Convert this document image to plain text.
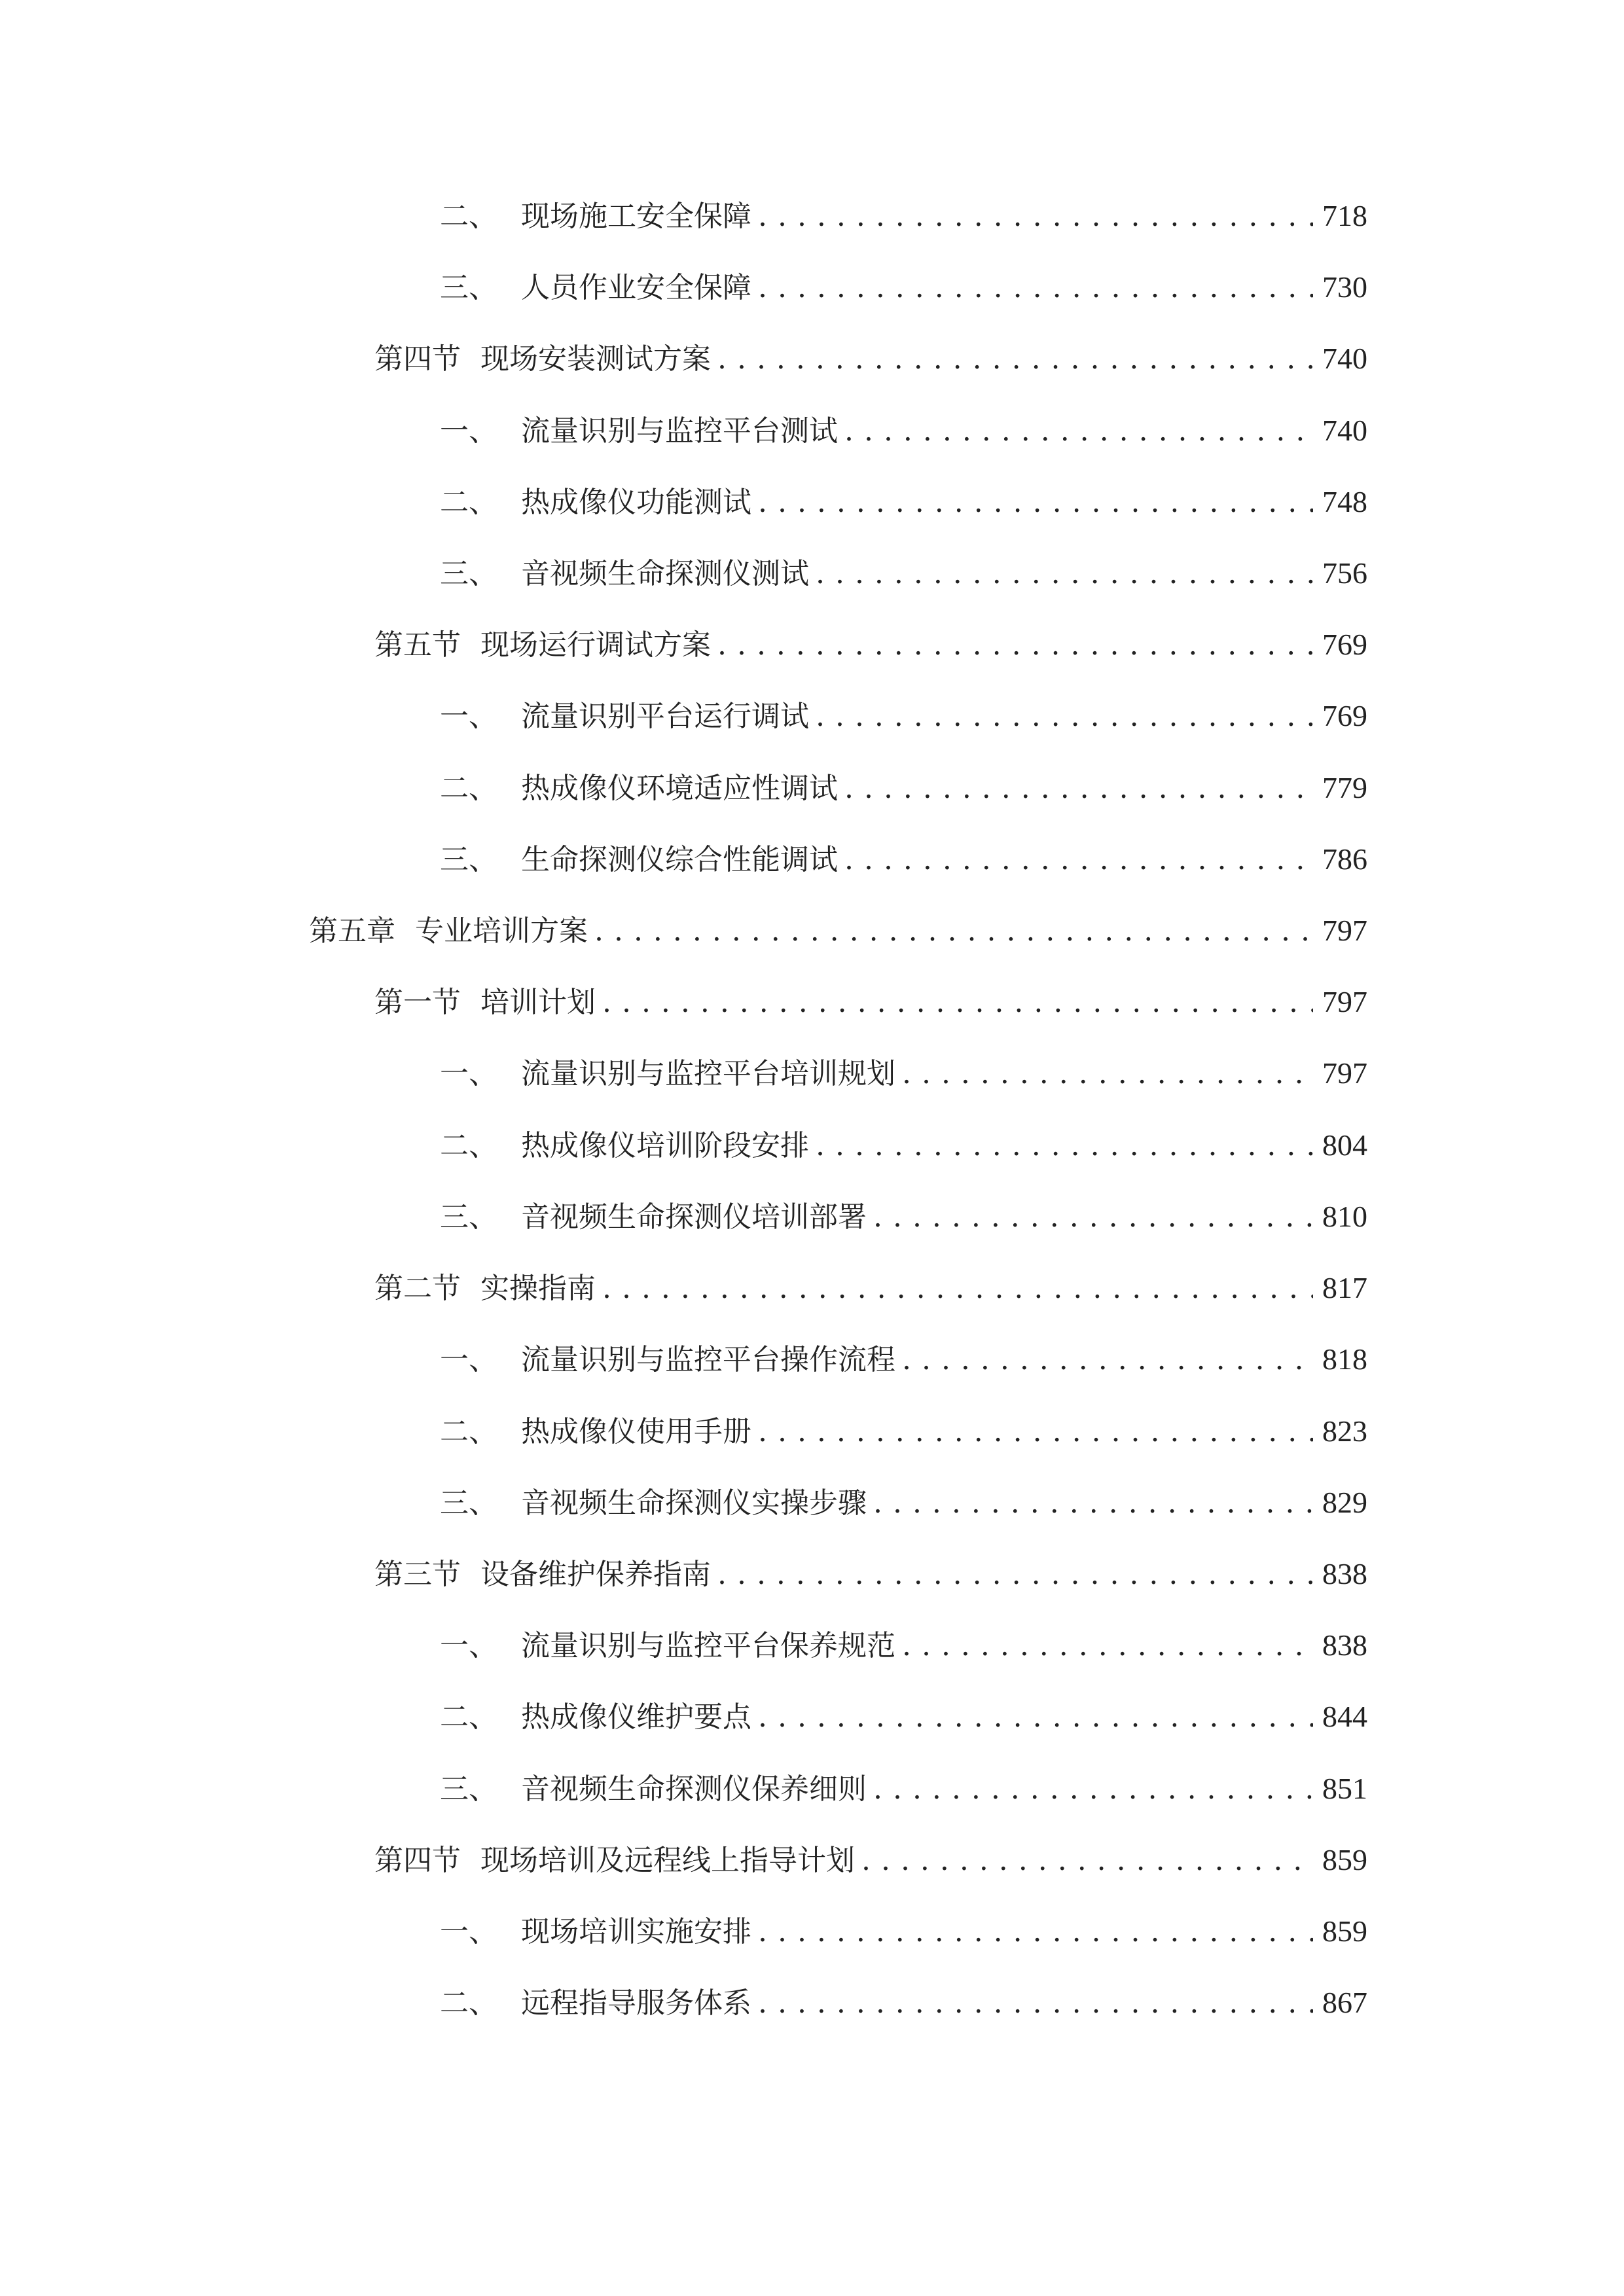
二、 现场施工安全保障 . . .	718
三、 人员作业安全保障 . . .	730
第四节 现场安装测试方案 . . .	740
一、 流量识别与监控平台测试 . . .	740
二、 热成像仪功能测试 . . .	748
三、 音视频生命探测仪测试 . . .	756
第五节 现场运行调试方案 . . .	769
一、 流量识别平台运行调试 . . .	769
二、 热成像仪环境适应性调试 . . .	779
三、 生命探测仪综合性能调试 . . .	786
第五章 专业培训方案 . . .	797
第一节 培训计划 . . .	797
一、 流量识别与监控平台培训规划 . . .	797
二、 热成像仪培训阶段安排 . . .	804
三、 音视频生命探测仪培训部署 . . .	810
第二节 实操指南 . . .	817
一、 流量识别与监控平台操作流程 . . .	818
二、 热成像仪使用手册 . . .	823
三、 音视频生命探测仪实操步骤 . . .	829
第三节 设备维护保养指南 . . .	838
一、 流量识别与监控平台保养规范 . . .	838
二、 热成像仪维护要点 . . .	844
三、 音视频生命探测仪保养细则 . . .	851
第四节 现场培训及远程线上指导计划 . . .	859
一、 现场培训实施安排 . . .	859
二、 远程指导服务体系 . . .	867
